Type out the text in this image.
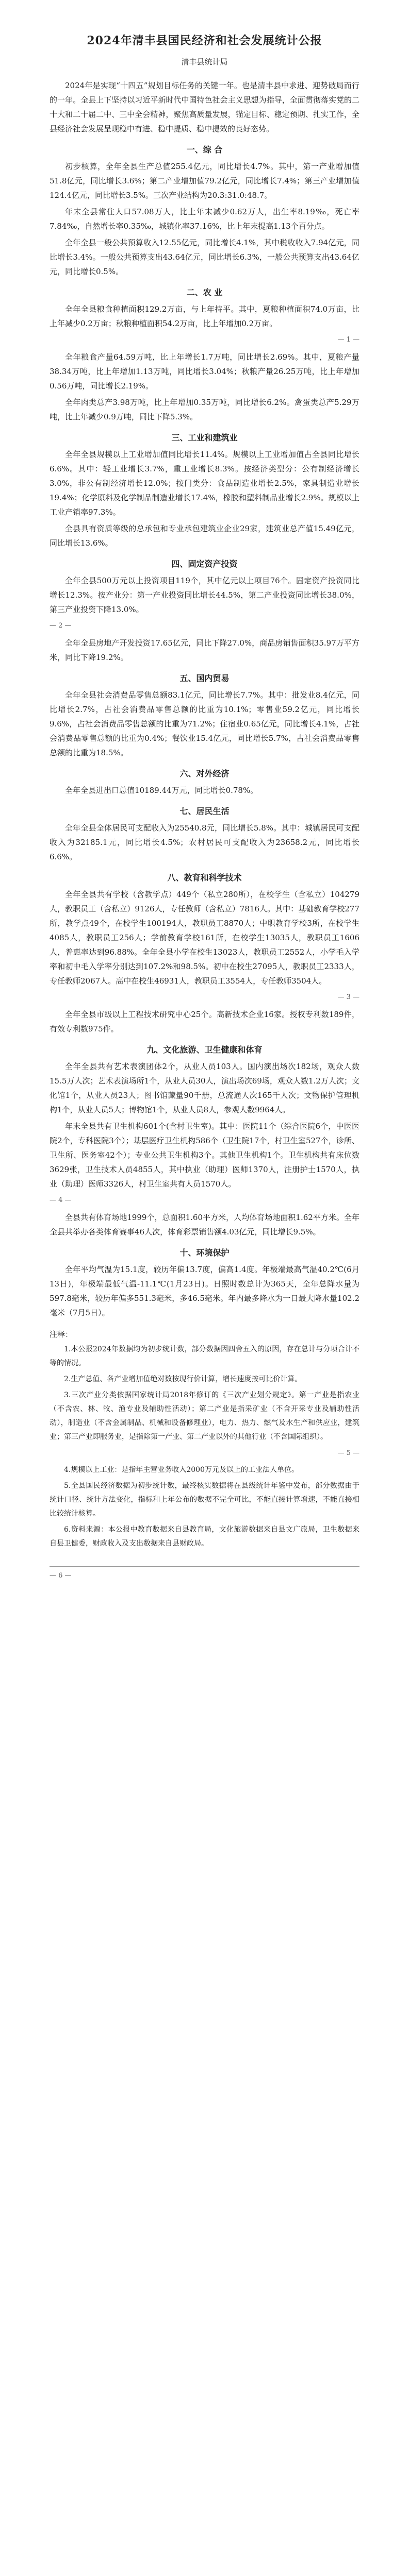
2024年清丰县国民经济和社会发展统计公报
清丰县统计局

2024年是实现“十四五”规划目标任务的关键一年。也是清丰县中求进、迎势破局而行的一年。全县上下坚持以习近平新时代中国特色社会主义思想为指导，全面贯彻落实党的二十大和二十届二中、三中全会精神，聚焦高质量发展，锚定目标、稳定预期、扎实工作，全县经济社会发展呈现稳中有进、稳中提质、稳中提效的良好态势。

一、综 合

初步核算，全年全县生产总值255.4亿元，同比增长4.7%。其中，第一产业增加值51.8亿元，同比增长3.6%；第二产业增加值79.2亿元，同比增长7.4%；第三产业增加值124.4亿元，同比增长3.5%。三次产业结构为20.3:31.0:48.7。

年末全县常住人口57.08万人，比上年末减少0.62万人，出生率8.19‰，死亡率7.84‰，自然增长率0.35‰，城镇化率37.16%，比上年末提高1.13个百分点。

全年全县一般公共预算收入12.55亿元，同比增长4.1%，其中税收收入7.94亿元，同比增长3.4%。一般公共预算支出43.64亿元，同比增长6.3%，一般公共预算支出43.64亿元，同比增长0.5%。

二、农 业

全年全县粮食种植面积129.2万亩，与上年持平。其中，夏粮种植面积74.0万亩，比上年减少0.2万亩；秋粮种植面积54.2万亩，比上年增加0.2万亩。

— 1 —

全年粮食产量64.59万吨，比上年增长1.7万吨，同比增长2.69%。其中，夏粮产量38.34万吨，比上年增加1.13万吨，同比增长3.04%；秋粮产量26.25万吨，比上年增加0.56万吨，同比增长2.19%。

全年肉类总产3.98万吨，比上年增加0.35万吨，同比增长6.2%。禽蛋类总产5.29万吨，比上年减少0.9万吨，同比下降5.3%。

三、工业和建筑业

全年全县规模以上工业增加值同比增长11.4%。规模以上工业增加值占全县同比增长6.6%。其中：轻工业增长3.7%，重工业增长8.3%。按经济类型分：公有制经济增长3.0%，非公有制经济增长12.0%；按门类分：食品制造业增长2.5%，家具制造业增长19.4%；化学原料及化学制品制造业增长17.4%，橡胶和塑料制品业增长2.9%。规模以上工业产销率97.3%。

全县具有资质等级的总承包和专业承包建筑业企业29家，建筑业总产值15.49亿元，同比增长13.6%。

四、固定资产投资

全年全县500万元以上投资项目119个，其中亿元以上项目76个。固定资产投资同比增长12.3%。按产业分：第一产业投资同比增长44.5%，第二产业投资同比增长38.0%，第三产业投资下降13.0%。

— 2 —

全年全县房地产开发投资17.65亿元，同比下降27.0%，商品房销售面积35.97万平方米，同比下降19.2%。

五、国内贸易

全年全县社会消费品零售总额83.1亿元，同比增长7.7%。其中：批发业8.4亿元，同比增长2.7%，占社会消费品零售总额的比重为10.1%；零售业59.2亿元，同比增长9.6%，占社会消费品零售总额的比重为71.2%；住宿业0.65亿元，同比增长4.1%，占社会消费品零售总额的比重为0.4%；餐饮业15.4亿元，同比增长5.7%，占社会消费品零售总额的比重为18.5%。

六、对外经济

全年全县进出口总值10189.44万元，同比增长0.78%。

七、居民生活

全年全县全体居民可支配收入为25540.8元，同比增长5.8%。其中：城镇居民可支配收入为32185.1元，同比增长4.5%；农村居民可支配收入为23658.2元，同比增长6.6%。

八、教育和科学技术

全年全县共有学校（含教学点）449个（私立280所），在校学生（含私立）104279人，教职员工（含私立）9126人，专任教师（含私立）7816人。其中：基础教育学校277所，教学点49个，在校学生100194人，教职员工8870人；中职教育学校3所，在校学生4085人，教职员工256人；学前教育学校161所，在校学生13035人，教职员工1606人，普惠率达到96.88%。全年全县小学在校生13023人，教职员工2552人，小学毛入学率和初中毛入学率分别达到107.2%和98.5%。初中在校生27095人，教职员工2333人，专任教师2067人。高中在校生46931人，教职员工3554人，专任教师3504人。

— 3 —

全年全县市级以上工程技术研究中心25个。高新技术企业16家。授权专利数189件，有效专利数975件。

九、文化旅游、卫生健康和体育

全年全县共有艺术表演团体2个，从业人员103人。国内演出场次182场，观众人数15.5万人次；艺术表演场所1个，从业人员30人，演出场次69场，观众人数1.2万人次；文化馆1个，从业人员23人；图书馆藏量90千册，总流通人次165千人次；文物保护管理机构1个，从业人员5人；博物馆1个，从业人员8人，参观人数9964人。

年末全县共有卫生机构601个(含村卫生室)。其中：医院11个（综合医院6个，中医医院2个，专科医院3个）；基层医疗卫生机构586个（卫生院17个，村卫生室527个，诊所、卫生所、医务室42个）；专业公共卫生机构3个。其他卫生机构1个。卫生机构共有床位数3629张，卫生技术人员4855人，其中执业（助理）医师1370人，注册护士1570人，执业（助理）医师3326人，村卫生室共有人员1570人。

— 4 —

全县共有体育场地1999个，总面积1.60平方米，人均体育场地面积1.62平方米。全年全县共举办各类体育赛事46人次，体育彩票销售额4.03亿元，同比增长9.5%。

十、环境保护

全年平均气温为15.1度，较历年偏13.7度，偏高1.4度。年极端最高气温40.2℃(6月13日)，年极端最低气温-11.1℃(1月23日)。日照时数总计为365天，全年总降水量为597.8毫米，较历年偏多551.3毫米，多46.5毫米。年内最多降水为一日最大降水量102.2毫米（7月5日）。

注释：

1.本公报2024年数据均为初步统计数，部分数据因四舍五入的原因，存在总计与分项合计不等的情况。

2.生产总值、各产业增加值绝对数按现行价计算，增长速度按可比价计算。

3.三次产业分类依据国家统计局2018年修订的《三次产业划分规定》。第一产业是指农业（不含农、林、牧、渔专业及辅助性活动）；第二产业是指采矿业（不含开采专业及辅助性活动），制造业（不含金属制品、机械和设备修理业），电力、热力、燃气及水生产和供应业，建筑业；第三产业即服务业，是指除第一产业、第二产业以外的其他行业（不含国际组织）。

— 5 —

4.规模以上工业：是指年主营业务收入2000万元及以上的工业法人单位。

5.全县国民经济数据为初步统计数，最终核实数据将在县级统计年鉴中发布，部分数据由于统计口径、统计方法变化，指标和上年公布的数据不完全可比，不能直接计算增速，不能直接相比较统计核算。

6.资料来源：本公报中教育数据来自县教育局，文化旅游数据来自县文广旅局，卫生数据来自县卫健委，财政收入及支出数据来自县财政局。

— 6 —
